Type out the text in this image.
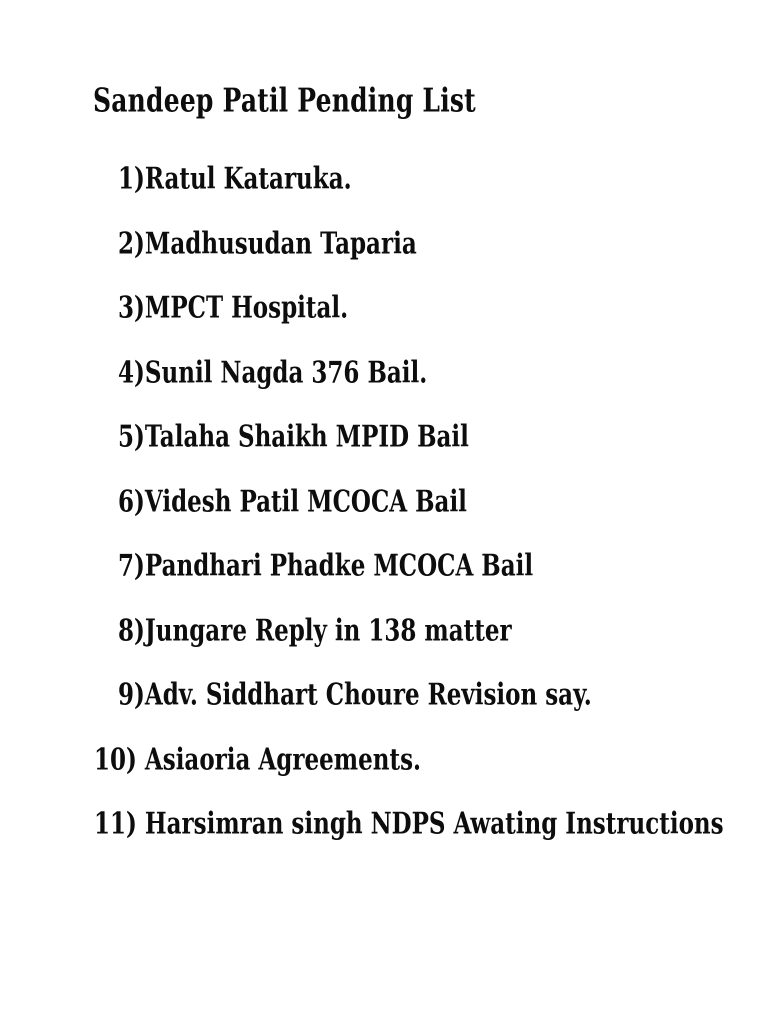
Sandeep Patil Pending List
1)Ratul Kataruka.
2)Madhusudan Taparia
3)MPCT Hospital.
4)Sunil Nagda 376 Bail.
5)Talaha Shaikh MPID Bail
6)Videsh Patil MCOCA Bail
7)Pandhari Phadke MCOCA Bail
8)Jungare Reply in 138 matter
9)Adv. Siddhart Choure Revision say.
10) Asiaoria Agreements.
11) Harsimran singh NDPS Awating Instructions
